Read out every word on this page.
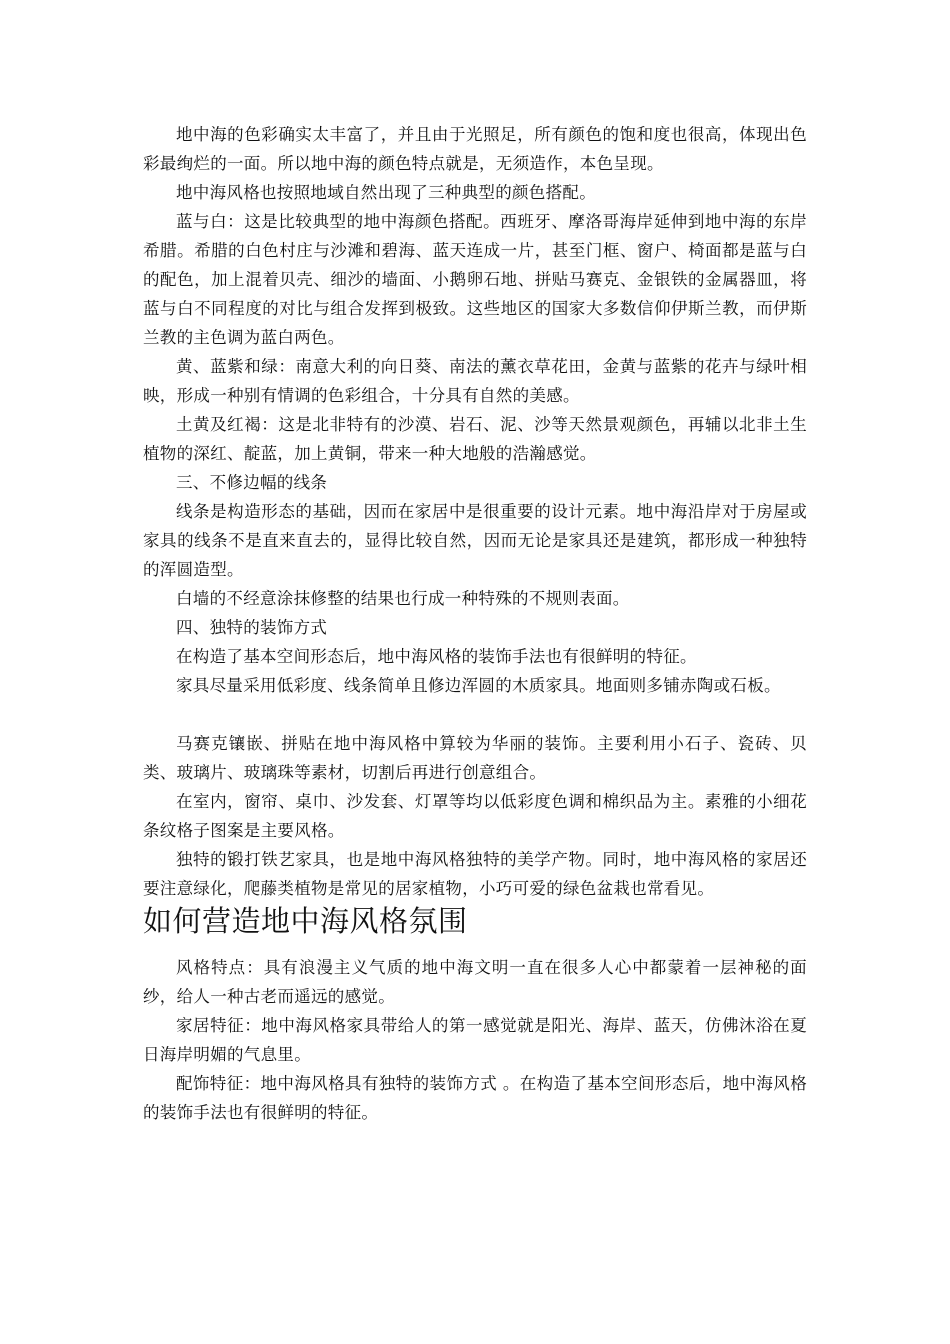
地中海的色彩确实太丰富了，并且由于光照足，所有颜色的饱和度也很高，体现出色彩最绚烂的一面。所以地中海的颜色特点就是，无须造作，本色呈现。

地中海风格也按照地域自然出现了三种典型的颜色搭配。

蓝与白：这是比较典型的地中海颜色搭配。西班牙、摩洛哥海岸延伸到地中海的东岸希腊。希腊的白色村庄与沙滩和碧海、蓝天连成一片，甚至门框、窗户、椅面都是蓝与白的配色，加上混着贝壳、细沙的墙面、小鹅卵石地、拼贴马赛克、金银铁的金属器皿，将蓝与白不同程度的对比与组合发挥到极致。这些地区的国家大多数信仰伊斯兰教，而伊斯兰教的主色调为蓝白两色。

黄、蓝紫和绿：南意大利的向日葵、南法的薰衣草花田，金黄与蓝紫的花卉与绿叶相映，形成一种别有情调的色彩组合，十分具有自然的美感。

土黄及红褐：这是北非特有的沙漠、岩石、泥、沙等天然景观颜色，再辅以北非土生植物的深红、靛蓝，加上黄铜，带来一种大地般的浩瀚感觉。

三、不修边幅的线条

线条是构造形态的基础，因而在家居中是很重要的设计元素。地中海沿岸对于房屋或家具的线条不是直来直去的，显得比较自然，因而无论是家具还是建筑，都形成一种独特的浑圆造型。

白墙的不经意涂抹修整的结果也行成一种特殊的不规则表面。

四、独特的装饰方式

在构造了基本空间形态后，地中海风格的装饰手法也有很鲜明的特征。

家具尽量采用低彩度、线条简单且修边浑圆的木质家具。地面则多铺赤陶或石板。

马赛克镶嵌、拼贴在地中海风格中算较为华丽的装饰。主要利用小石子、瓷砖、贝类、玻璃片、玻璃珠等素材，切割后再进行创意组合。

在室内，窗帘、桌巾、沙发套、灯罩等均以低彩度色调和棉织品为主。素雅的小细花条纹格子图案是主要风格。

独特的锻打铁艺家具，也是地中海风格独特的美学产物。同时，地中海风格的家居还要注意绿化，爬藤类植物是常见的居家植物，小巧可爱的绿色盆栽也常看见。

如何营造地中海风格氛围

风格特点：具有浪漫主义气质的地中海文明一直在很多人心中都蒙着一层神秘的面纱，给人一种古老而遥远的感觉。

家居特征：地中海风格家具带给人的第一感觉就是阳光、海岸、蓝天，仿佛沐浴在夏日海岸明媚的气息里。

配饰特征：地中海风格具有独特的装饰方式 。在构造了基本空间形态后，地中海风格的装饰手法也有很鲜明的特征。
